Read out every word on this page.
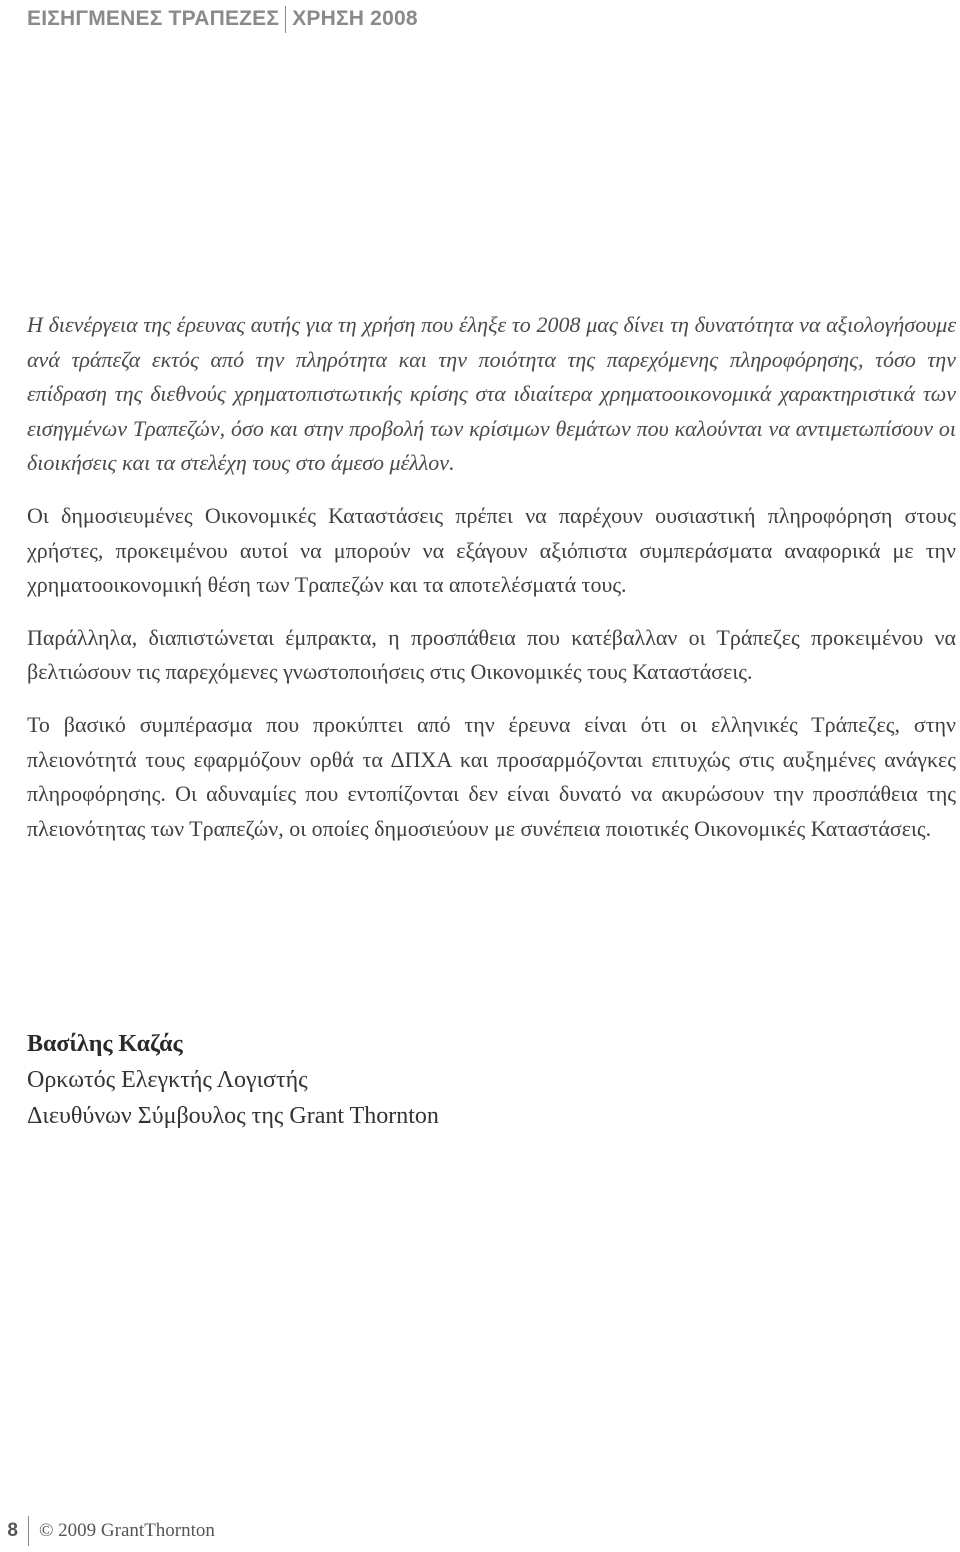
ΕΙΣΗΓΜΕΝΕΣ ΤΡΑΠΕΖΕΣ ΧΡΗΣΗ 2008

Η διενέργεια της έρευνας αυτής για τη χρήση που έληξε το 2008 μας δίνει τη δυνατότητα να αξιολογήσουμε ανά τράπεζα εκτός από την πληρότητα και την ποιότητα της παρεχόμενης πληροφόρησης, τόσο την επίδραση της διεθνούς χρηματοπιστωτικής κρίσης στα ιδιαίτερα χρηματοοικονομικά χαρακτηριστικά των εισηγμένων Τραπεζών, όσο και στην προβολή των κρίσιμων θεμάτων που καλούνται να αντιμετωπίσουν οι διοικήσεις και τα στελέχη τους στο άμεσο μέλλον.

Οι δημοσιευμένες Οικονομικές Καταστάσεις πρέπει να παρέχουν ουσιαστική πληροφόρηση στους χρήστες, προκειμένου αυτοί να μπορούν να εξάγουν αξιόπιστα συμπεράσματα αναφορικά με την χρηματοοικονομική θέση των Τραπεζών και τα αποτελέσματά τους.

Παράλληλα, διαπιστώνεται έμπρακτα, η προσπάθεια που κατέβαλλαν οι Τράπεζες προκειμένου να βελτιώσουν τις παρεχόμενες γνωστοποιήσεις στις Οικονομικές τους Καταστάσεις.

Το βασικό συμπέρασμα που προκύπτει από την έρευνα είναι ότι οι ελληνικές Τράπεζες, στην πλειονότητά τους εφαρμόζουν ορθά τα ΔΠΧΑ και προσαρμόζονται επιτυχώς στις αυξημένες ανάγκες πληροφόρησης. Οι αδυναμίες που εντοπίζονται δεν είναι δυνατό να ακυρώσουν την προσπάθεια της πλειονότητας των Τραπεζών, οι οποίες δημοσιεύουν με συνέπεια ποιοτικές Οικονομικές Καταστάσεις.

Βασίλης Καζάς
Ορκωτός Ελεγκτής Λογιστής
Διευθύνων Σύμβουλος της Grant Thornton
8 © 2009 GrantThornton
